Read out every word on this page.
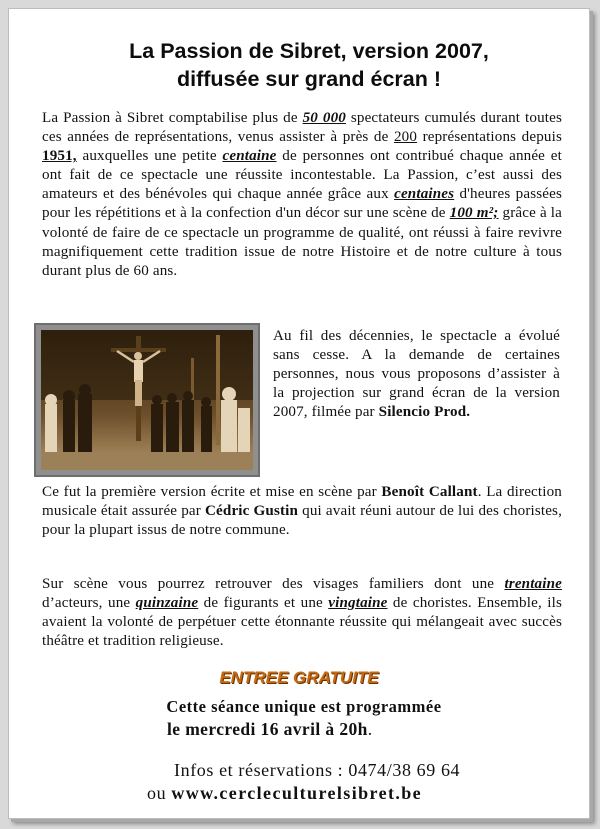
La Passion de Sibret, version 2007,
diffusée sur grand écran !
La Passion à Sibret comptabilise plus de 50 000 spectateurs cumulés durant toutes ces années de représentations, venus assister à près de 200 représentations depuis 1951, auxquelles une petite centaine de personnes ont contribué chaque année et ont fait de ce spectacle une réussite incontestable. La Passion, c’est aussi des amateurs et des bénévoles qui chaque année grâce aux centaines d'heures passées pour les répétitions et à la confection d'un décor sur une scène de 100 m²; grâce à la volonté de faire de ce spectacle un programme de qualité, ont réussi à faire revivre magnifiquement cette tradition issue de notre Histoire et de notre culture à tous durant plus de 60 ans.
Au fil des décennies, le spectacle a évolué sans cesse. A la demande de certaines personnes, nous vous proposons d’assister à la projection sur grand écran de la version 2007, filmée par Silencio Prod.
Ce fut la première version écrite et mise en scène par Benoît Callant. La direction musicale était assurée par Cédric Gustin qui avait réuni autour de lui des choristes, pour la plupart issus de notre commune.
Sur scène vous pourrez retrouver des visages familiers dont une trentaine d’acteurs, une quinzaine de figurants et une vingtaine de choristes. Ensemble, ils avaient la volonté de perpétuer cette étonnante réussite qui mélangeait avec succès théâtre et tradition religieuse.
ENTREE GRATUITE
Cette séance unique est programmée
le mercredi 16 avril à 20h.
Infos et réservations : 0474/38 69 64
ou www.cercleculturelsibret.be
